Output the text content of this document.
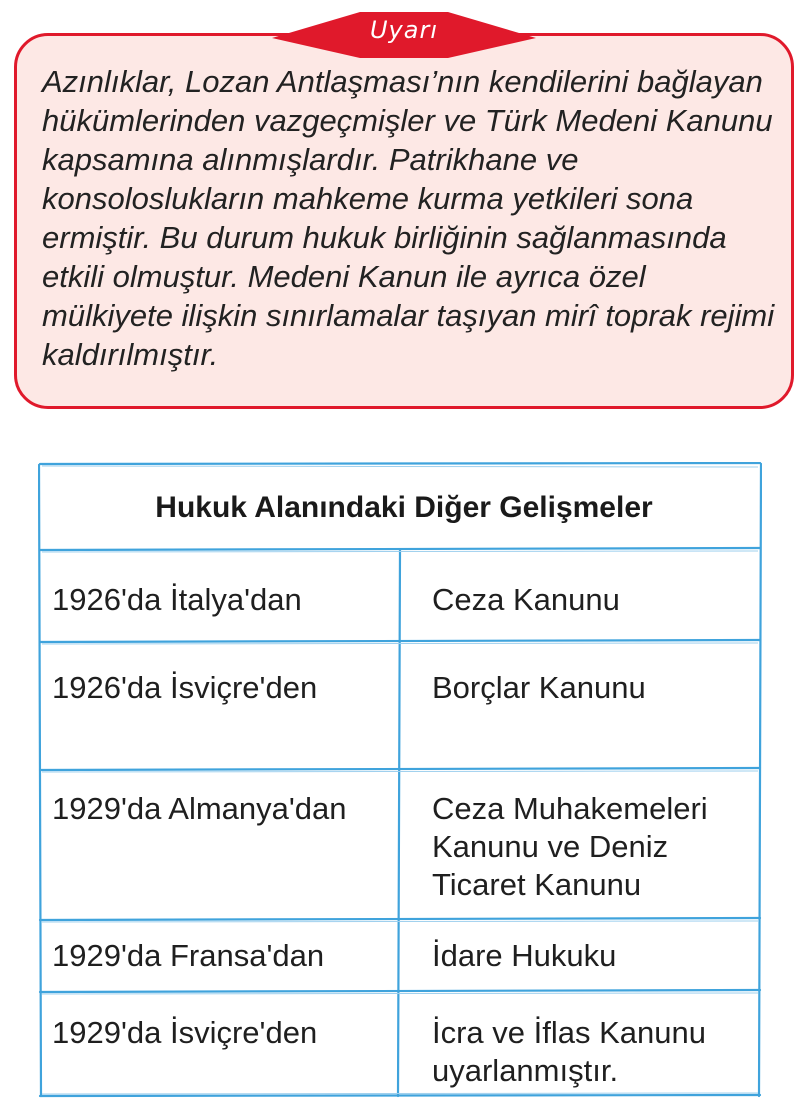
Uyarı

Azınlıklar, Lozan Antlaşması’nın kendilerini bağlayan hükümlerinden vazgeçmişler ve Türk Medeni Kanunu kapsamına alınmışlardır. Patrikhane ve konsoloslukların mahkeme kurma yetkileri sona ermiştir. Bu durum hukuk birliğinin sağlanmasında etkili olmuştur. Medeni Kanun ile ayrıca özel mülkiyete ilişkin sınırlamalar taşıyan mirî toprak rejimi kaldırılmıştır.

Hukuk Alanındaki Diğer Gelişmeler

1926'da İtalya'dan	Ceza Kanunu

1926'da İsviçre'den	Borçlar Kanunu

1929'da Almanya'dan	Ceza Muhakemeleri
Kanunu ve Deniz
Ticaret Kanunu

1929'da Fransa'dan	İdare Hukuku

1929'da İsviçre'den	İcra ve İflas Kanunu
uyarlanmıştır.
